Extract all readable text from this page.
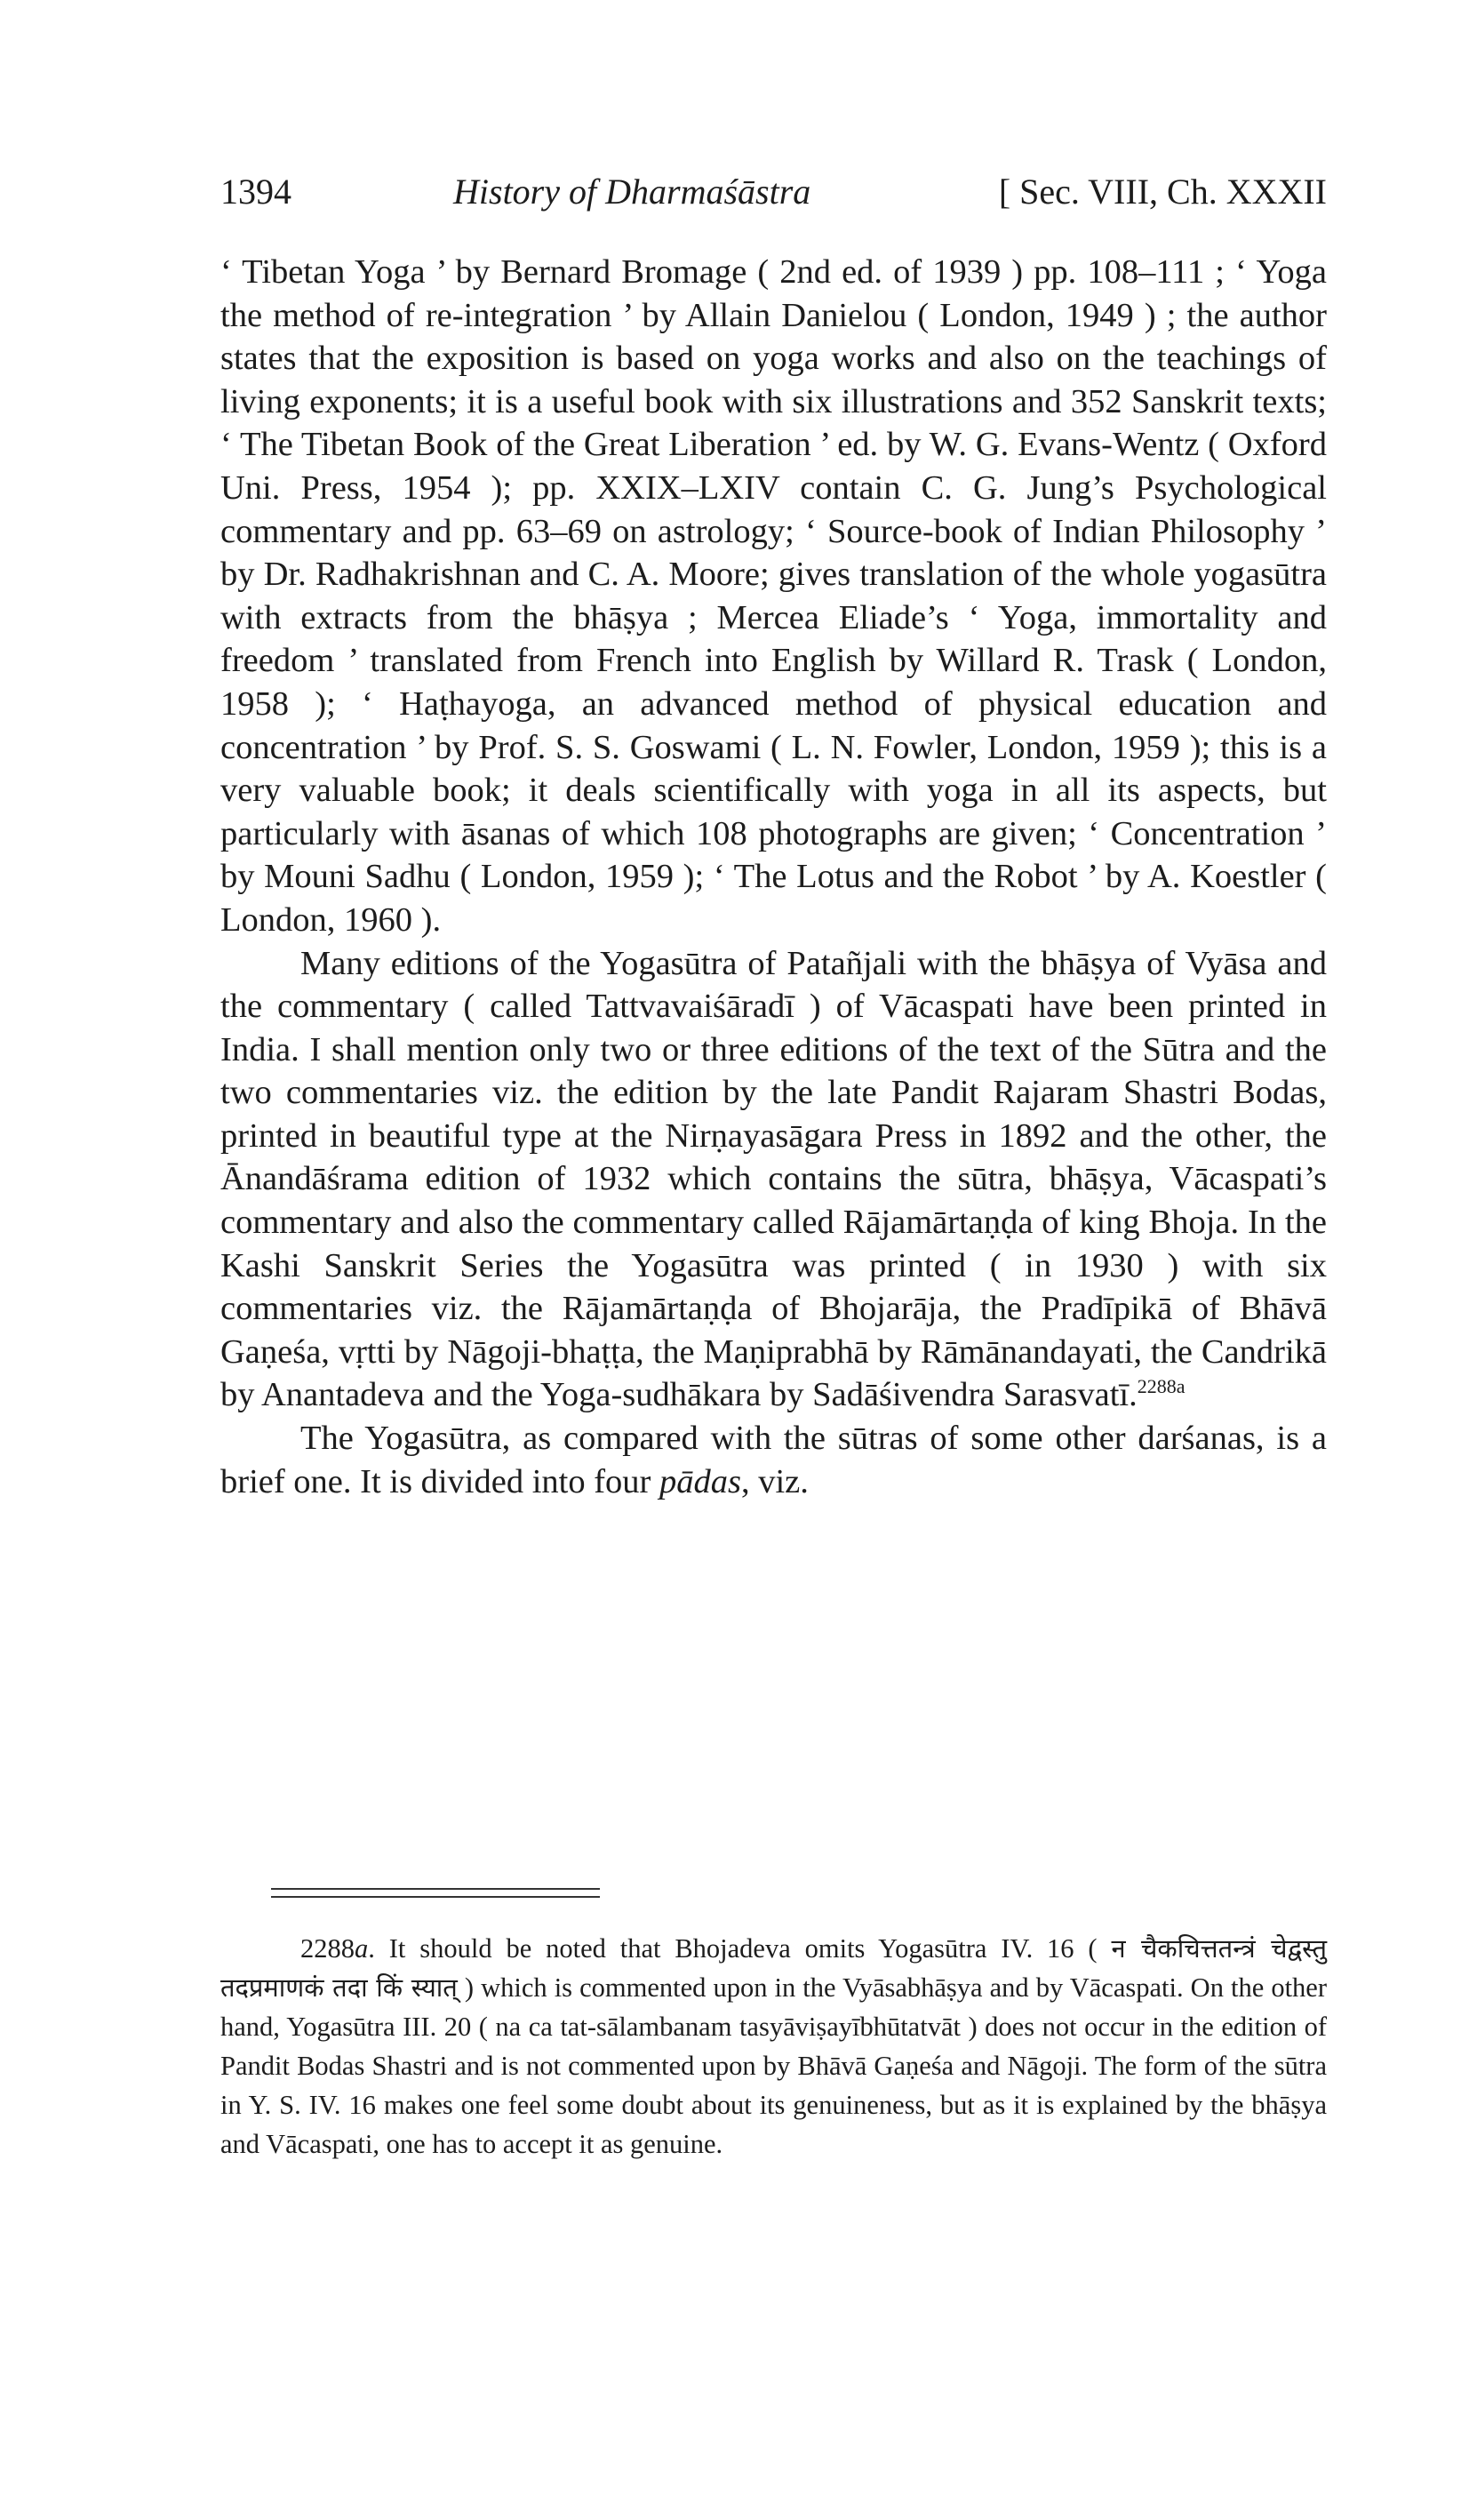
1394	History of Dharmaśāstra	[ Sec. VIII, Ch. XXXII

‘ Tibetan Yoga ’ by Bernard Bromage ( 2nd ed. of 1939 ) pp. 108–111 ; ‘ Yoga the method of re-integration ’ by Allain Danielou ( London, 1949 ) ; the author states that the exposition is based on yoga works and also on the teachings of living exponents; it is a useful book with six illustrations and 352 Sanskrit texts; ‘ The Tibetan Book of the Great Liberation ’ ed. by W. G. Evans-Wentz ( Oxford Uni. Press, 1954 ); pp. XXIX–LXIV contain C. G. Jung’s Psychological commentary and pp. 63–69 on astrology; ‘ Source-book of Indian Philosophy ’ by Dr. Radhakrishnan and C. A. Moore; gives translation of the whole yogasūtra with extracts from the bhāṣya ; Mercea Eliade’s ‘ Yoga, immortality and freedom ’ translated from French into English by Willard R. Trask ( London, 1958 ); ‘ Haṭhayoga, an advanced method of physical education and concentration ’ by Prof. S. S. Goswami ( L. N. Fowler, London, 1959 ); this is a very valuable book; it deals scientifically with yoga in all its aspects, but particularly with āsanas of which 108 photographs are given; ‘ Concentration ’ by Mouni Sadhu ( London, 1959 ); ‘ The Lotus and the Robot ’ by A. Koestler ( London, 1960 ).

Many editions of the Yogasūtra of Patañjali with the bhāṣya of Vyāsa and the commentary ( called Tattvavaiśāradī ) of Vācaspati have been printed in India. I shall mention only two or three editions of the text of the Sūtra and the two commentaries viz. the edition by the late Pandit Rajaram Shastri Bodas, printed in beautiful type at the Nirṇayasāgara Press in 1892 and the other, the Ānandāśrama edition of 1932 which contains the sūtra, bhāṣya, Vācaspati’s commentary and also the commentary called Rājamārtaṇḍa of king Bhoja. In the Kashi Sanskrit Series the Yogasūtra was printed ( in 1930 ) with six commentaries viz. the Rājamārtaṇḍa of Bhojarāja, the Pradīpikā of Bhāvā Gaṇeśa, vṛtti by Nāgoji-bhaṭṭa, the Maṇiprabhā by Rāmānandayati, the Candrikā by Anantadeva and the Yoga-sudhākara by Sadāśivendra Sarasvatī.$^{2288a}$

The Yogasūtra, as compared with the sūtras of some other darśanas, is a brief one. It is divided into four pādas, viz.

2288a. It should be noted that Bhojadeva omits Yogasūtra IV. 16 ( न चैकचित्ततन्त्रं चेद्वस्तु तदप्रमाणकं तदा किं स्यात् ) which is commented upon in the Vyāsabhāṣya and by Vācaspati. On the other hand, Yogasūtra III. 20 ( na ca tat-sālambanam tasyāviṣayībhūtatvāt ) does not occur in the edition of Pandit Bodas Shastri and is not commented upon by Bhāvā Gaṇeśa and Nāgoji. The form of the sūtra in Y. S. IV. 16 makes one feel some doubt about its genuineness, but as it is explained by the bhāṣya and Vācaspati, one has to accept it as genuine.
